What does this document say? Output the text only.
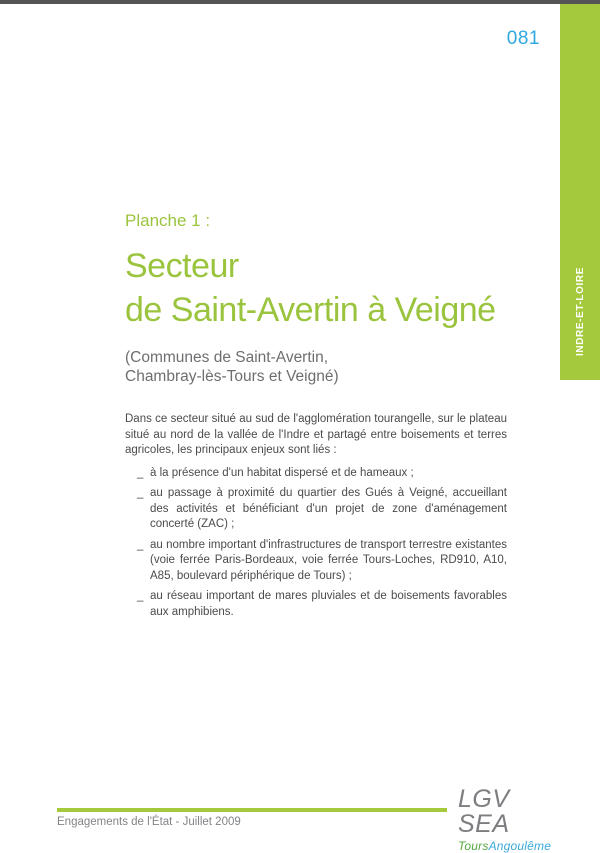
INDRE-ET-LOIRE
081
Planche 1 :
Secteur
de Saint-Avertin à Veigné
(Communes de Saint-Avertin,
Chambray-lès-Tours et Veigné)

Dans ce secteur situé au sud de l'agglomération tourangelle, sur le plateau situé au nord de la vallée de l'Indre et partagé entre boisements et terres agricoles, les principaux enjeux sont liés :

_ à la présence d'un habitat dispersé et de hameaux ;
_ au passage à proximité du quartier des Gués à Veigné, accueillant des activités et bénéficiant d'un projet de zone d'aménagement concerté (ZAC) ;
_ au nombre important d'infrastructures de transport terrestre existantes (voie ferrée Paris-Bordeaux, voie ferrée Tours-Loches, RD910, A10, A85, boulevard périphérique de Tours) ;
_ au réseau important de mares pluviales et de boisements favorables aux amphibiens.
Engagements de l'État - Juillet 2009
LGV SEA
ToursAngoulême
